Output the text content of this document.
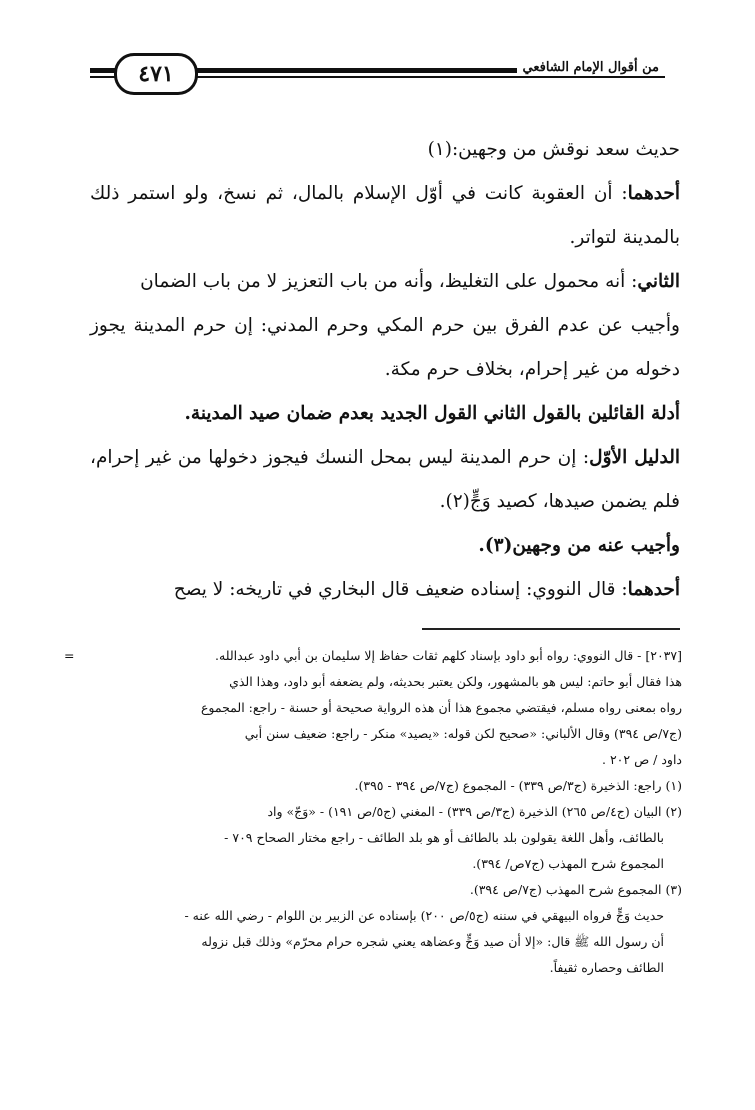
٤٧١	من أقوال الإمام الشافعي

حديث سعد نوقش من وجهين:(١)

أحدهما: أن العقوبة كانت في أوّل الإسلام بالمال، ثم نسخ، ولو استمر ذلك بالمدينة لتواتر.

الثاني: أنه محمول على التغليظ، وأنه من باب التعزيز لا من باب الضمان

وأجيب عن عدم الفرق بين حرم المكي وحرم المدني: إن حرم المدينة يجوز دخوله من غير إحرام، بخلاف حرم مكة.

أدلة القائلين بالقول الثاني القول الجديد بعدم ضمان صيد المدينة.

الدليل الأوّل: إن حرم المدينة ليس بمحل النسك فيجوز دخولها من غير إحرام، فلم يضمن صيدها، كصيد وَجٍّ(٢).

وأجيب عنه من وجهين(٣).

أحدهما: قال النووي: إسناده ضعيف قال البخاري في تاريخه: لا يصح

=	[٢٠٣٧] - قال النووي: رواه أبو داود بإسناد كلهم ثقات حفاظ إلا سليمان بن أبي داود عبدالله.

هذا فقال أبو حاتم: ليس هو بالمشهور، ولكن يعتبر بحديثه، ولم يضعفه أبو داود، وهذا الذي

رواه بمعنى رواه مسلم، فيقتضي مجموع هذا أن هذه الرواية صحيحة أو حسنة - راجع: المجموع

(ج٧/ص ٣٩٤) وقال الألباني: «صحيح لكن قوله: «يصيد» منكر - راجع: ضعيف سنن أبي

داود / ص ٢٠٢ .

(١) راجع: الذخيرة (ج٣/ص ٣٣٩) - المجموع (ج٧/ص ٣٩٤ - ٣٩٥).

(٢) البيان (ج٤/ص ٢٦٥) الذخيرة (ج٣/ص ٣٣٩) - المغني (ج٥/ص ١٩١) - «وَجّ» واد

بالطائف، وأهل اللغة يقولون بلد بالطائف أو هو بلد الطائف - راجع مختار الصحاح ٧٠٩ -

المجموع شرح المهذب (ج٧ص/ ٣٩٤).

(٣) المجموع شرح المهذب (ج٧/ص ٣٩٤).

حديث وَجٍّ فرواه البيهقي في سننه (ج٥/ص ٢٠٠) بإسناده عن الزبير بن اللوام - رضي الله عنه -

أن رسول الله ﷺ قال: «إلا أن صيد وَجٍّ وعضاهه يعني شجره حرام محرّم» وذلك قبل نزوله

الطائف وحصاره ثقيفاً.
